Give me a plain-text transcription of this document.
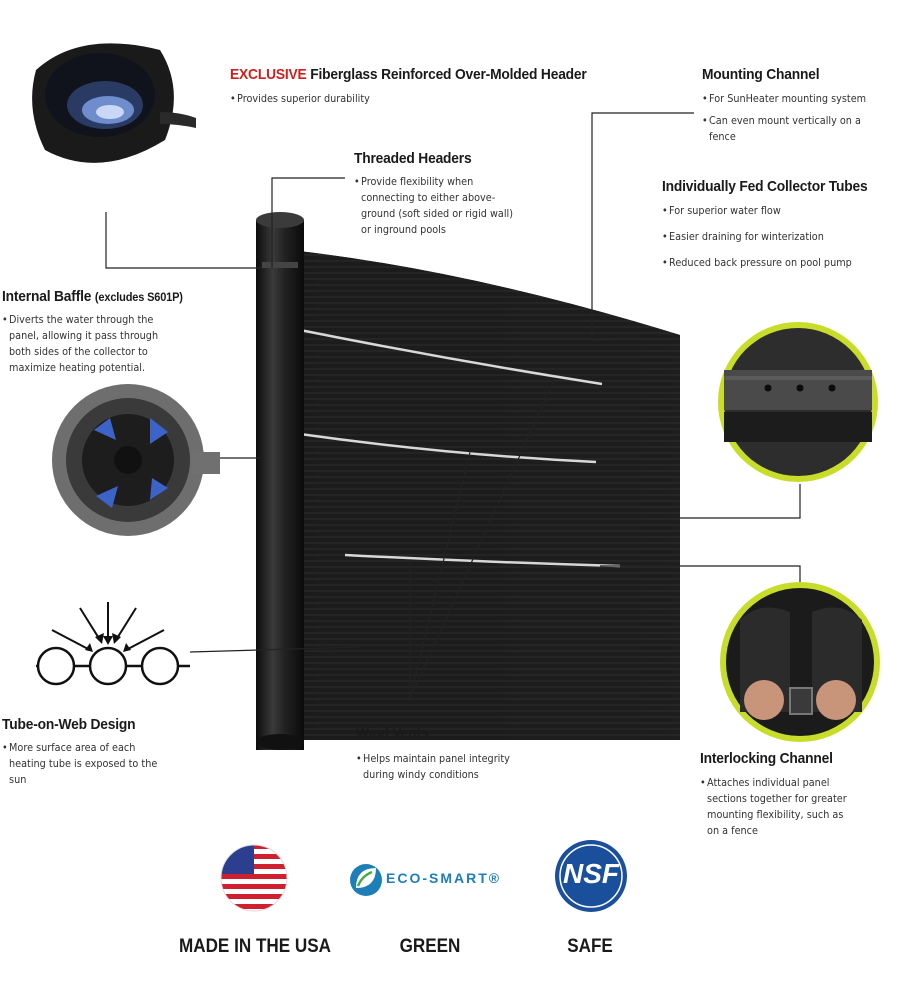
EXCLUSIVE Fiberglass Reinforced Over-Molded Header
• Provides superior durability
Mounting Channel
• For SunHeater mounting system
• Can even mount vertically on a fence
Threaded Headers
• Provide flexibility when connecting to either above-ground (soft sided or rigid wall) or inground pools
Individually Fed Collector Tubes
• For superior water flow
• Easier draining for winterization
• Reduced back pressure on pool pump
Internal Baffle (excludes S601P)
• Diverts the water through the panel, allowing it pass through both sides of the collector to maximize heating potential.
Tube-on-Web Design
• More surface area of each heating tube is exposed to the sun
Wind Vents
• Helps maintain panel integrity during windy conditions
Interlocking Channel
• Attaches individual panel sections together for greater mounting flexibility, such as on a fence
ECO-SMART® NSF
MADE IN THE USA	GREEN	SAFE
